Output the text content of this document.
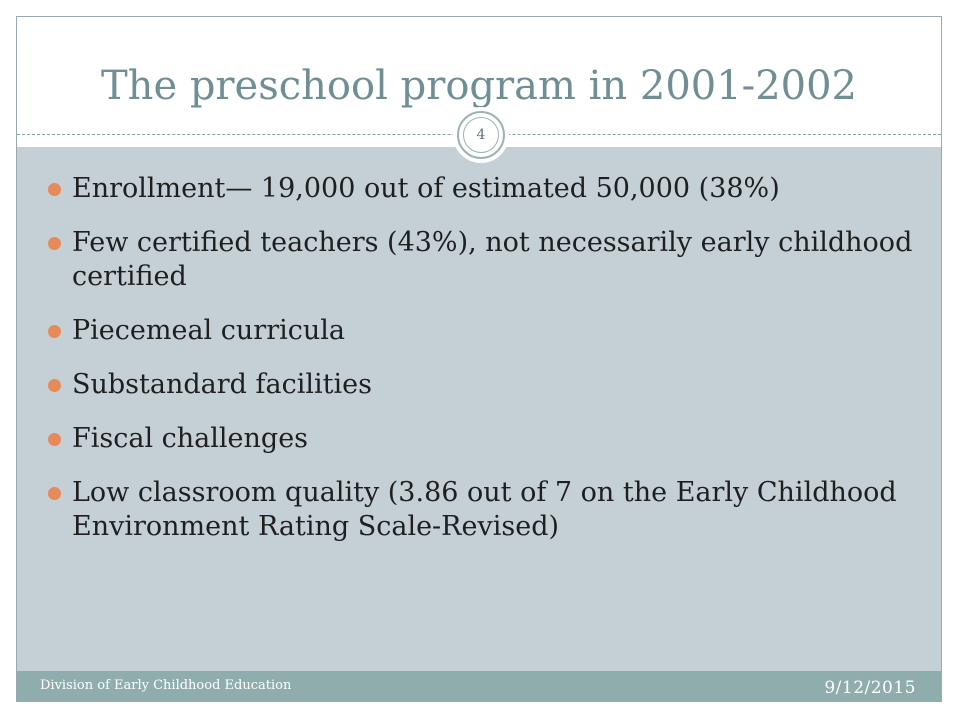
The preschool program in 2001-2002
4
Enrollment— 19,000 out of estimated 50,000 (38%)
Few certified teachers (43%), not necessarily early childhood certified
Piecemeal curricula
Substandard facilities
Fiscal challenges
Low classroom quality (3.86 out of 7 on the Early Childhood Environment Rating Scale-Revised)
Division of Early Childhood Education	9/12/2015
